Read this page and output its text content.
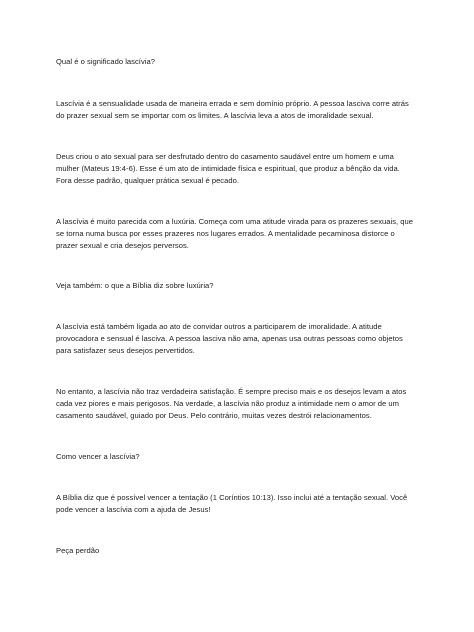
Qual é o significado lascívia?
Lascívia é a sensualidade usada de maneira errada e sem domínio próprio. A pessoa lasciva corre atrás
do prazer sexual sem se importar com os limites. A lascívia leva a atos de imoralidade sexual.
Deus criou o ato sexual para ser desfrutado dentro do casamento saudável entre um homem e uma
mulher (Mateus 19:4-6). Esse é um ato de intimidade física e espiritual, que produz a bênção da vida.
Fora desse padrão, qualquer prática sexual é pecado.
A lascívia é muito parecida com a luxúria. Começa com uma atitude virada para os prazeres sexuais, que
se torna numa busca por esses prazeres nos lugares errados. A mentalidade pecaminosa distorce o
prazer sexual e cria desejos perversos.
Veja também: o que a Bíblia diz sobre luxúria?
A lascívia está também ligada ao ato de convidar outros a participarem de imoralidade. A atitude
provocadora e sensual é lasciva. A pessoa lasciva não ama, apenas usa outras pessoas como objetos
para satisfazer seus desejos pervertidos.
No entanto, a lascívia não traz verdadeira satisfação. É sempre preciso mais e os desejos levam a atos
cada vez piores e mais perigosos. Na verdade, a lascívia não produz a intimidade nem o amor de um
casamento saudável, guiado por Deus. Pelo contrário, muitas vezes destrói relacionamentos.
Como vencer a lascívia?
A Bíblia diz que é possível vencer a tentação (1 Coríntios 10:13). Isso inclui até a tentação sexual. Você
pode vencer a lascívia com a ajuda de Jesus!
Peça perdão
